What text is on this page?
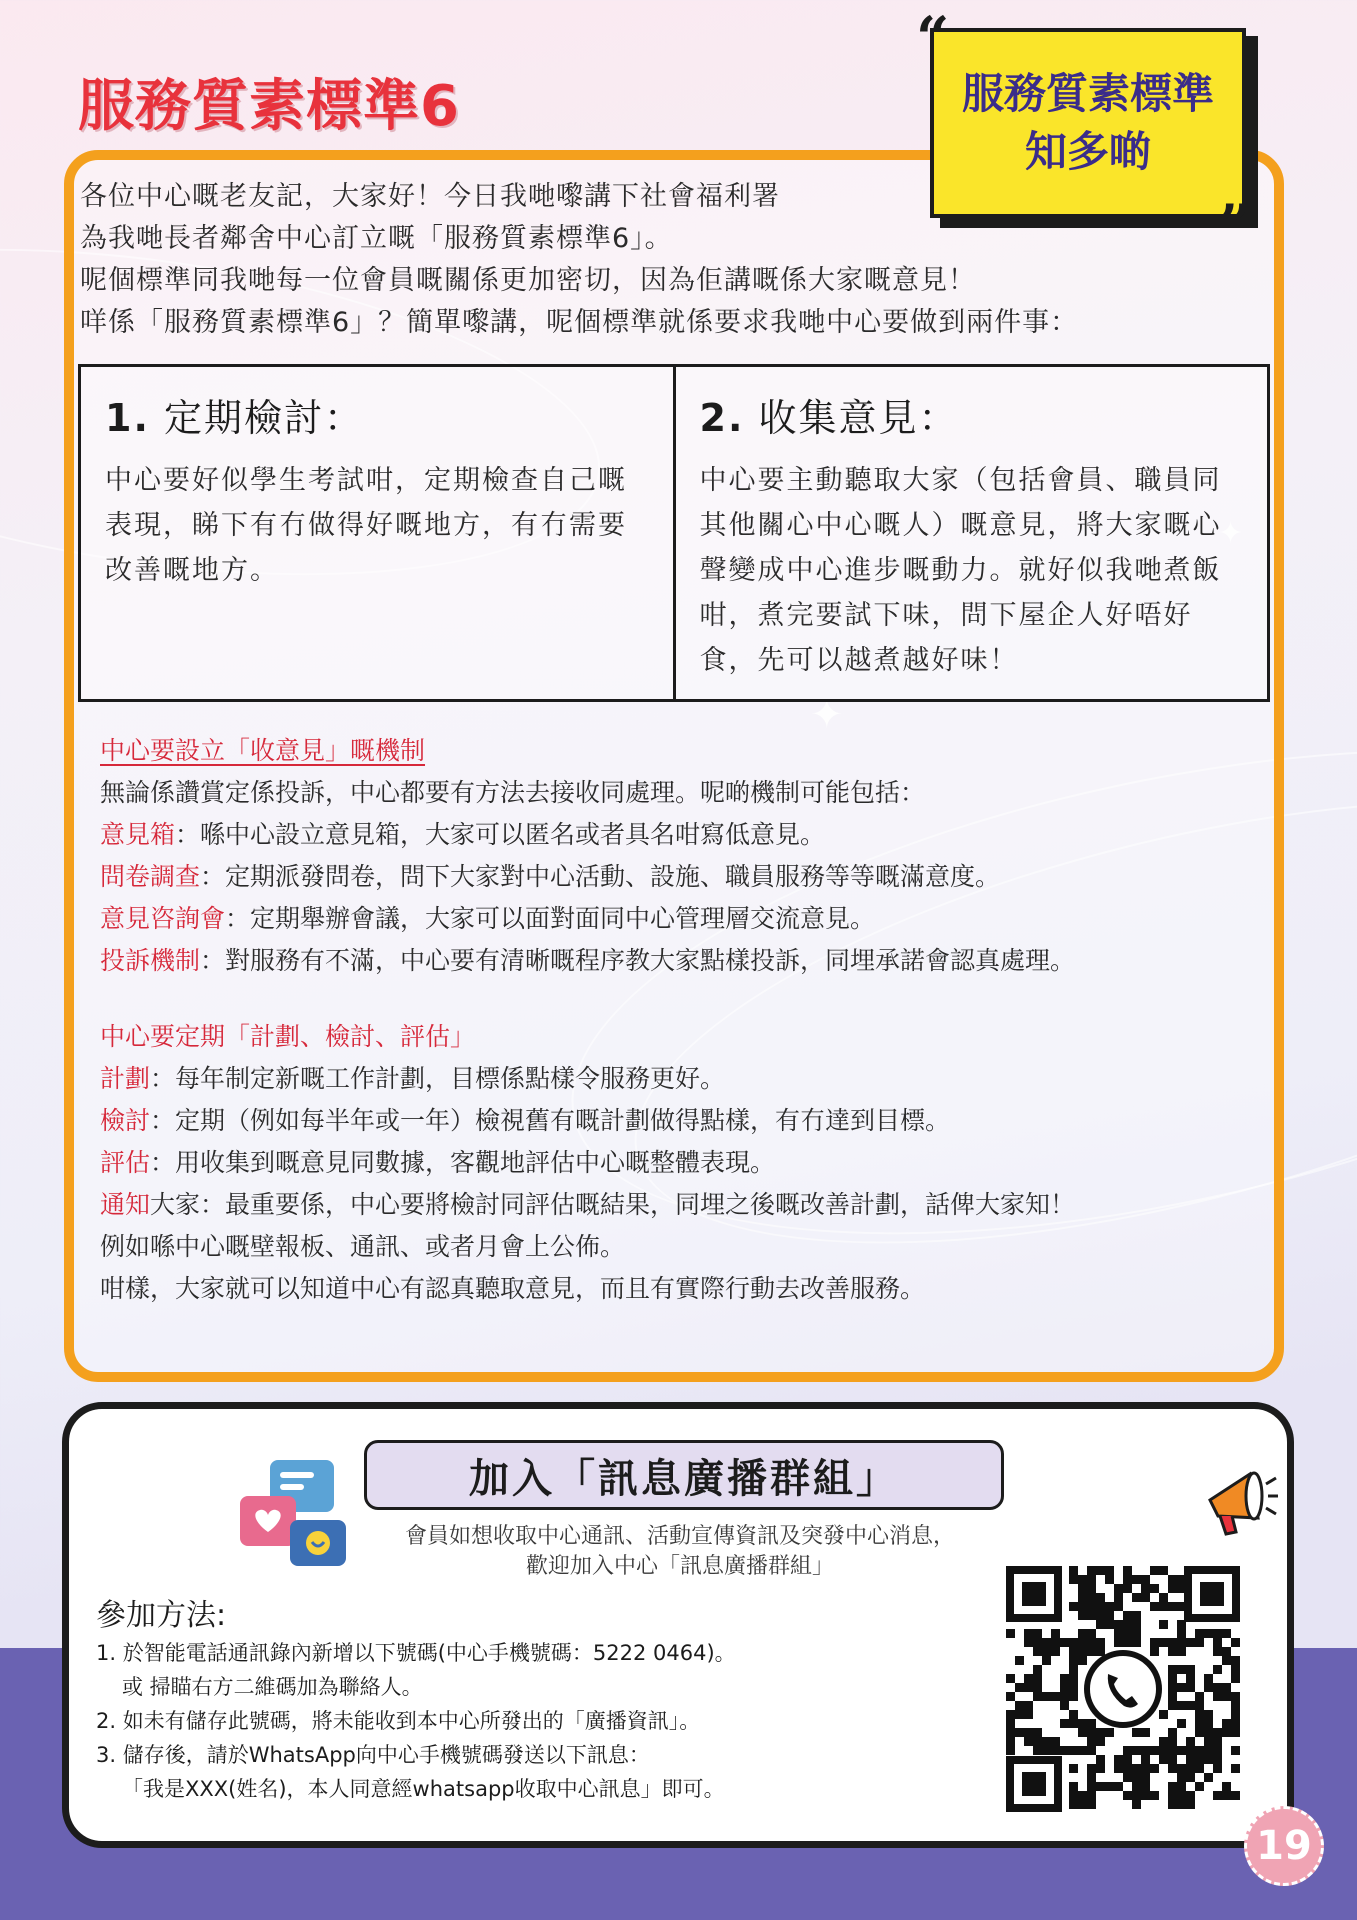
✦
✦
服務質素標準6	服務質素標準
知多啲
“
”
各位中心嘅老友記，大家好！今日我哋嚟講下社會福利署
為我哋長者鄰舍中心訂立嘅「服務質素標準6」。
呢個標準同我哋每一位會員嘅關係更加密切，因為佢講嘅係大家嘅意見！
咩係「服務質素標準6」？簡單嚟講，呢個標準就係要求我哋中心要做到兩件事：
1. 定期檢討：
中心要好似學生考試咁，定期檢查自己嘅表現，睇下有冇做得好嘅地方，有冇需要改善嘅地方。
2. 收集意見：
中心要主動聽取大家（包括會員、職員同其他關心中心嘅人）嘅意見，將大家嘅心聲變成中心進步嘅動力。就好似我哋煮飯咁，煮完要試下味，問下屋企人好唔好食，先可以越煮越好味！
中心要設立「收意見」嘅機制
無論係讚賞定係投訴，中心都要有方法去接收同處理。呢啲機制可能包括：
意見箱：喺中心設立意見箱，大家可以匿名或者具名咁寫低意見。
問卷調查：定期派發問卷，問下大家對中心活動、設施、職員服務等等嘅滿意度。
意見咨詢會：定期舉辦會議，大家可以面對面同中心管理層交流意見。
投訴機制：對服務有不滿，中心要有清晰嘅程序教大家點樣投訴，同埋承諾會認真處理。
中心要定期「計劃、檢討、評估」
計劃：每年制定新嘅工作計劃，目標係點樣令服務更好。
檢討：定期（例如每半年或一年）檢視舊有嘅計劃做得點樣，有冇達到目標。
評估：用收集到嘅意見同數據，客觀地評估中心嘅整體表現。
通知大家：最重要係，中心要將檢討同評估嘅結果，同埋之後嘅改善計劃，話俾大家知！
例如喺中心嘅壁報板、通訊、或者月會上公佈。
咁樣，大家就可以知道中心有認真聽取意見，而且有實際行動去改善服務。
加入「訊息廣播群組」
會員如想收取中心通訊、活動宣傳資訊及突發中心消息，
歡迎加入中心「訊息廣播群組」
參加方法:
1. 於智能電話通訊錄內新增以下號碼(中心手機號碼：5222 0464)。
或 掃瞄右方二維碼加為聯絡人。
2. 如未有儲存此號碼，將未能收到本中心所發出的「廣播資訊」。
3. 儲存後，請於WhatsApp向中心手機號碼發送以下訊息：
「我是XXX(姓名)，本人同意經whatsapp收取中心訊息」即可。
19
